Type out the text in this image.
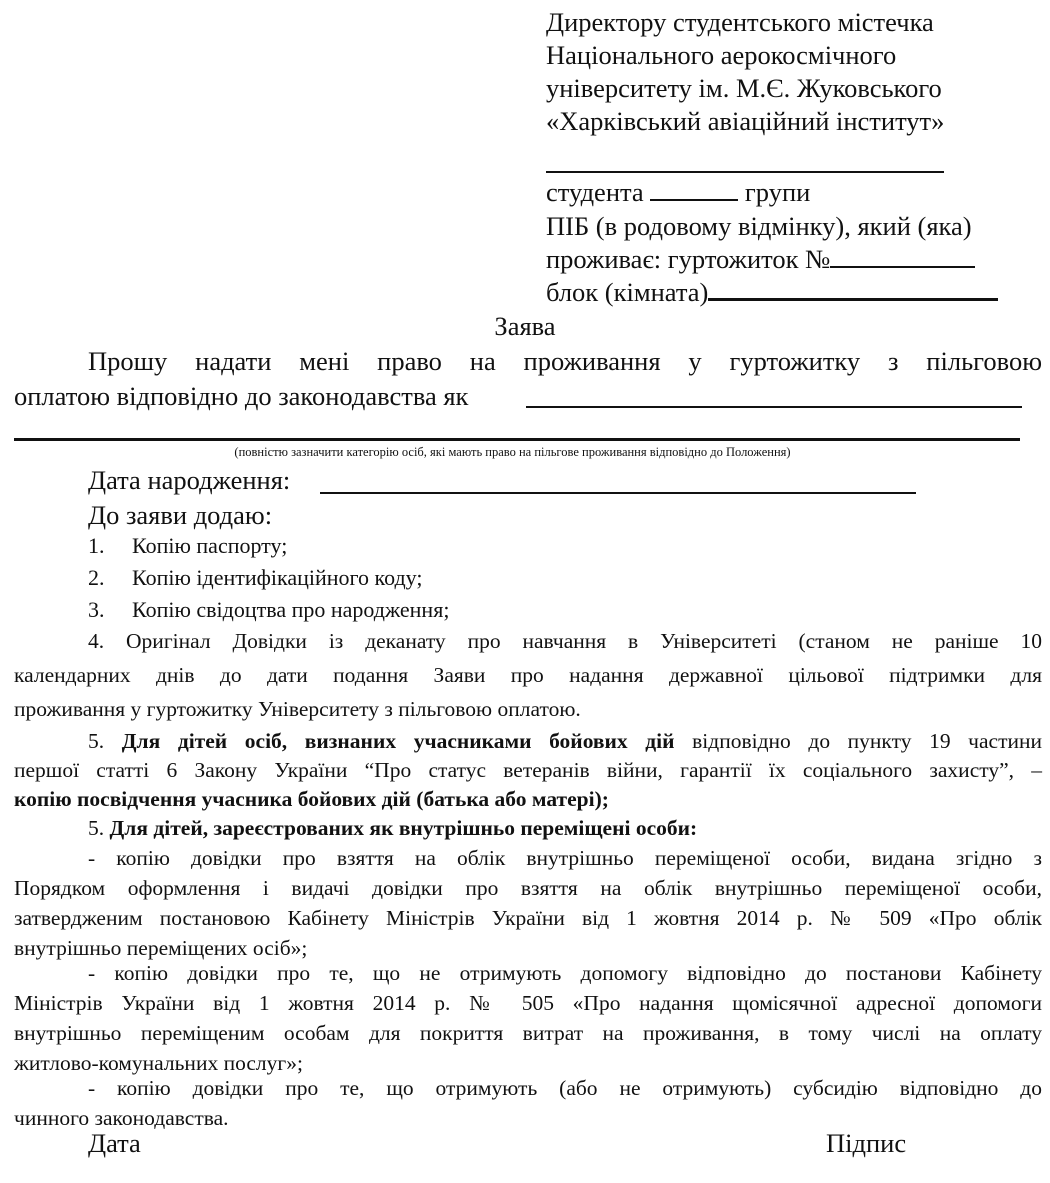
Директору студентського містечка
Національного аерокосмічного
університету ім. М.Є. Жуковського
«Харківський авіаційний інститут»
студента	групи
ПІБ (в родовому відмінку), який (яка)
проживає: гуртожиток №
блок (кімната)
Заява
Прошу надати мені право на проживання у гуртожитку з пільговою
оплатою відповідно до законодавства як
(повністю зазначити категорію осіб, які мають право на пільгове проживання відповідно до Положення)
Дата народження:
До заяви додаю:
1. Копію паспорту;
2. Копію ідентифікаційного коду;
3. Копію свідоцтва про народження;
4. Оригінал Довідки із деканату про навчання в Університеті (станом не раніше 10
календарних днів до дати подання Заяви про надання державної цільової підтримки для
проживання у гуртожитку Університету з пільговою оплатою.
5. Для дітей осіб, визнаних учасниками бойових дій відповідно до пункту 19 частини
першої статті 6 Закону України “Про статус ветеранів війни, гарантії їх соціального захисту”, –
копію посвідчення учасника бойових дій (батька або матері);
5. Для дітей, зареєстрованих як внутрішньо переміщені особи:
- копію довідки про взяття на облік внутрішньо переміщеної особи, видана згідно з
Порядком оформлення і видачі довідки про взяття на облік внутрішньо переміщеної особи,
затвердженим постановою Кабінету Міністрів України від 1 жовтня 2014 р. № 509 «Про облік
внутрішньо переміщених осіб»;
- копію довідки про те, що не отримують допомогу відповідно до постанови Кабінету
Міністрів України від 1 жовтня 2014 р. № 505 «Про надання щомісячної адресної допомоги
внутрішньо переміщеним особам для покриття витрат на проживання, в тому числі на оплату
житлово-комунальних послуг»;
- копію довідки про те, що отримують (або не отримують) субсидію відповідно до
чинного законодавства.
Дата	Підпис
